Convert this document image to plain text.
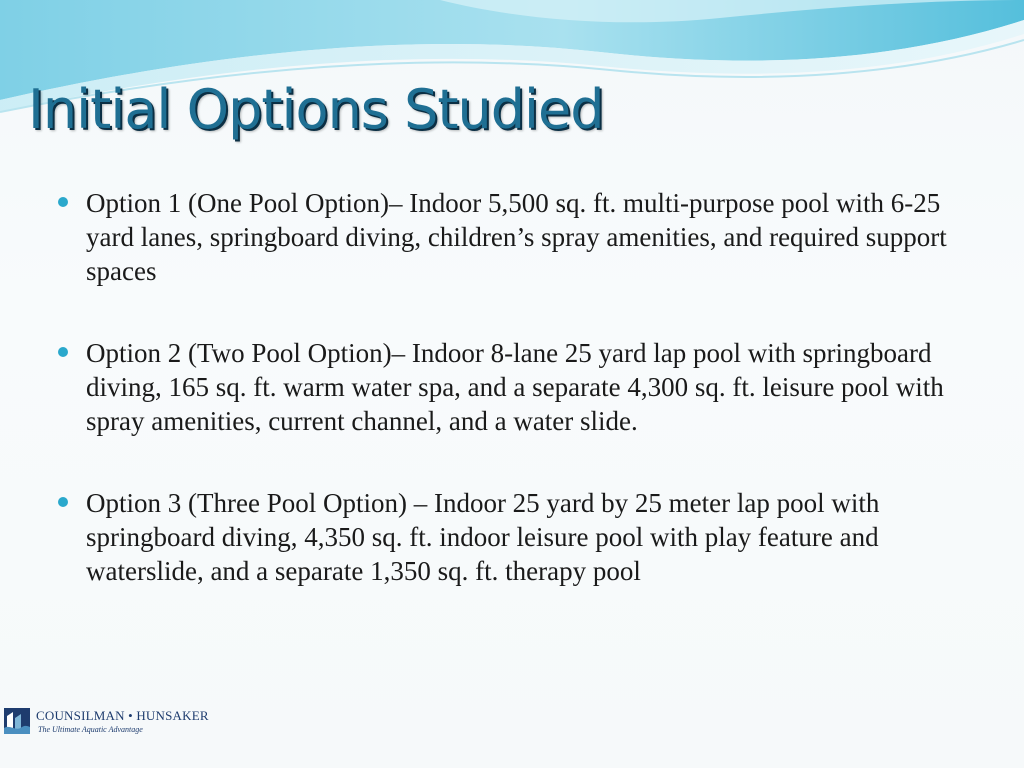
Initial Options Studied
Option 1 (One Pool Option)– Indoor 5,500 sq. ft. multi-purpose pool with 6-25 yard lanes, springboard diving, children’s spray amenities, and required support spaces
Option 2 (Two Pool Option)– Indoor 8-lane 25 yard lap pool with springboard diving, 165 sq. ft. warm water spa, and a separate 4,300 sq. ft. leisure pool with spray amenities, current channel, and a water slide.
Option 3 (Three Pool Option) – Indoor 25 yard by 25 meter lap pool with springboard diving, 4,350 sq. ft. indoor leisure pool with play feature and waterslide, and a separate 1,350 sq. ft. therapy pool
COUNSILMAN • HUNSAKER
The Ultimate Aquatic Advantage
